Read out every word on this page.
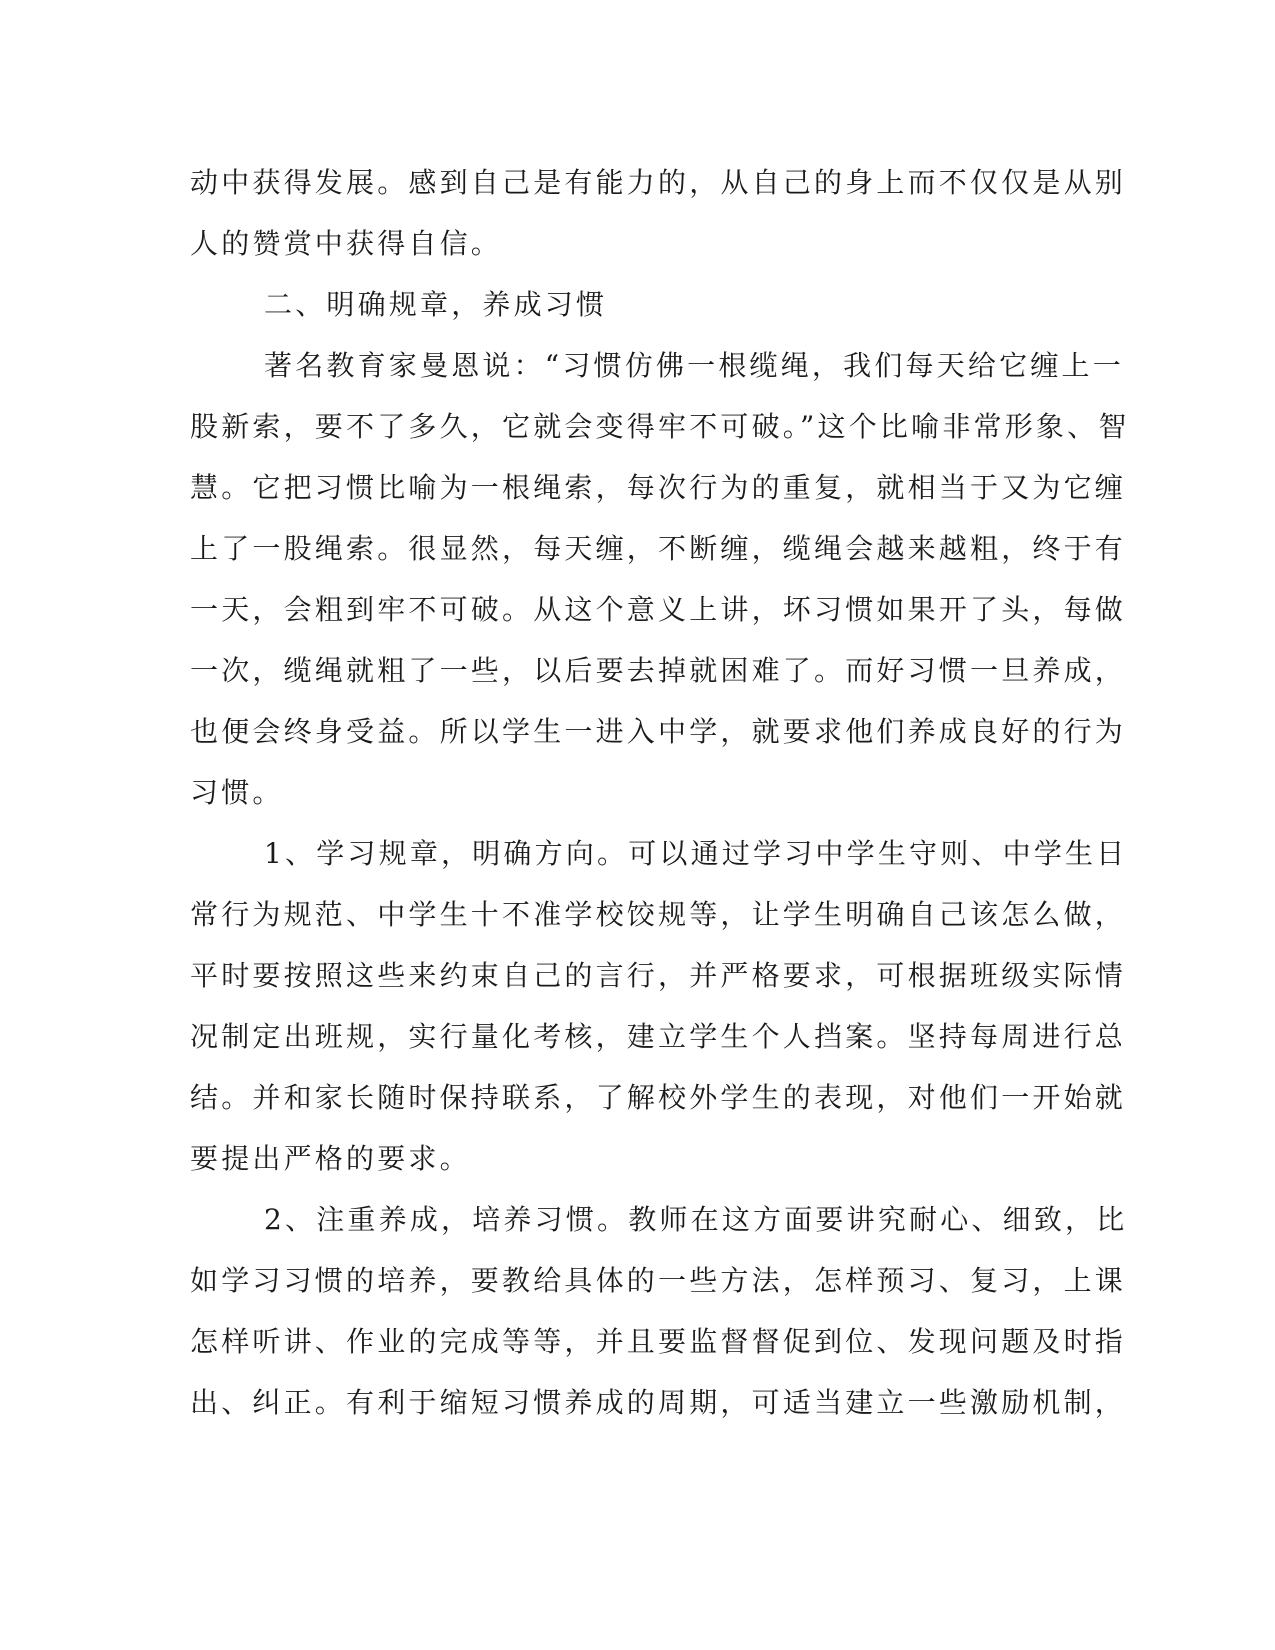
动中获得发展。感到自己是有能力的，从自己的身上而不仅仅是从别
人的赞赏中获得自信。
二、明确规章，养成习惯
著名教育家曼恩说：“习惯仿佛一根缆绳，我们每天给它缠上一
股新索，要不了多久，它就会变得牢不可破。”这个比喻非常形象、智
慧。它把习惯比喻为一根绳索，每次行为的重复，就相当于又为它缠
上了一股绳索。很显然，每天缠，不断缠，缆绳会越来越粗，终于有
一天，会粗到牢不可破。从这个意义上讲，坏习惯如果开了头，每做
一次，缆绳就粗了一些，以后要去掉就困难了。而好习惯一旦养成，
也便会终身受益。所以学生一进入中学，就要求他们养成良好的行为
习惯。
1、学习规章，明确方向。可以通过学习中学生守则、中学生日
常行为规范、中学生十不准学校饺规等，让学生明确自己该怎么做，
平时要按照这些来约束自己的言行，并严格要求，可根据班级实际情
况制定出班规，实行量化考核，建立学生个人挡案。坚持每周进行总
结。并和家长随时保持联系，了解校外学生的表现，对他们一开始就
要提出严格的要求。
2、注重养成，培养习惯。教师在这方面要讲究耐心、细致，比
如学习习惯的培养，要教给具体的一些方法，怎样预习、复习，上课
怎样听讲、作业的完成等等，并且要监督督促到位、发现问题及时指
出、纠正。有利于缩短习惯养成的周期，可适当建立一些激励机制，
